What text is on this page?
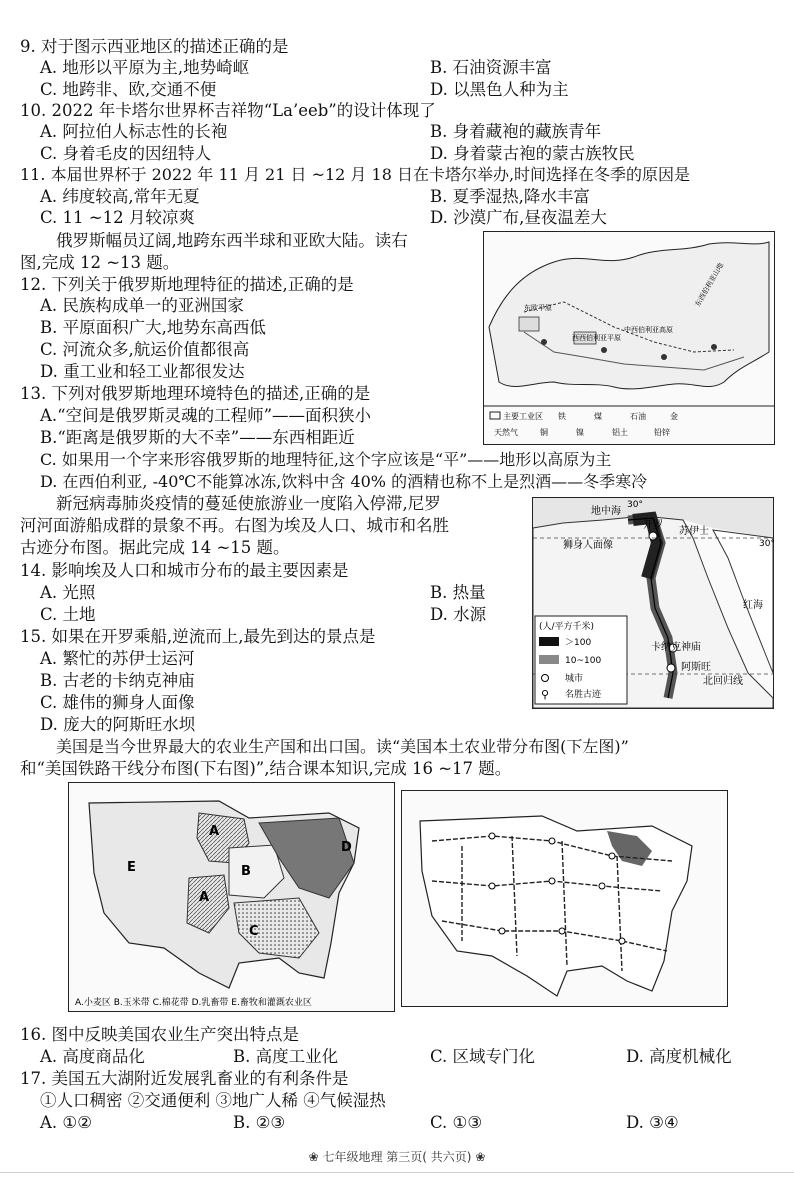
9. 对于图示西亚地区的描述正确的是
A. 地形以平原为主,地势崎岖	B. 石油资源丰富
C. 地跨非、欧,交通不便	D. 以黑色人种为主
10. 2022 年卡塔尔世界杯吉祥物“La’eeb”的设计体现了
A. 阿拉伯人标志性的长袍	B. 身着藏袍的藏族青年
C. 身着毛皮的因纽特人	D. 身着蒙古袍的蒙古族牧民
11. 本届世界杯于 2022 年 11 月 21 日 ~12 月 18 日在卡塔尔举办,时间选择在冬季的原因是
A. 纬度较高,常年无夏	B. 夏季湿热,降水丰富
C. 11 ~12 月较凉爽	D. 沙漠广布,昼夜温差大
俄罗斯幅员辽阔,地跨东西半球和亚欧大陆。读右
图,完成 12 ~13 题。
12. 下列关于俄罗斯地理特征的描述,正确的是
A. 民族构成单一的亚洲国家
B. 平原面积广大,地势东高西低
C. 河流众多,航运价值都很高
D. 重工业和轻工业都很发达
13. 下列对俄罗斯地理环境特色的描述,正确的是
A.“空间是俄罗斯灵魂的工程师”——面积狭小
B.“距离是俄罗斯的大不幸”——东西相距近
C. 如果用一个字来形容俄罗斯的地理特征,这个字应该是“平”——地形以高原为主
D. 在西伯利亚, -40℃不能算冰冻,饮料中含 40% 的酒精也称不上是烈酒——冬季寒冷
东欧平原
中西伯利亚高原
西西伯利亚平原
东西伯利亚山地
主要工业区 铁	煤	石油	金
天然气	铜	镍	铝土	铅锌
新冠病毒肺炎疫情的蔓延使旅游业一度陷入停滞,尼罗
河河面游船成群的景象不再。右图为埃及人口、城市和名胜
古迹分布图。据此完成 14 ~15 题。
14. 影响埃及人口和城市分布的最主要因素是
A. 光照	B. 热量
C. 土地	D. 水源
15. 如果在开罗乘船,逆流而上,最先到达的景点是
A. 繁忙的苏伊士运河
B. 古老的卡纳克神庙
C. 雄伟的狮身人面像
D. 庞大的阿斯旺水坝
30°
30°
地中海
开罗
苏伊士
狮身人面像
红海
卡纳克神庙
阿斯旺
北回归线
(人/平方千米)
＞100
10~100
城市
⚲ 名胜古迹
美国是当今世界最大的农业生产国和出口国。读“美国本土农业带分布图(下左图)”
和“美国铁路干线分布图(下右图)”,结合课本知识,完成 16 ~17 题。
A
B
C
D
E
A
A.小麦区 B.玉米带 C.棉花带 D.乳畜带 E.畜牧和灌溉农业区
16. 图中反映美国农业生产突出特点是
A. 高度商品化	B. 高度工业化	C. 区域专门化	D. 高度机械化
17. 美国五大湖附近发展乳畜业的有利条件是
①人口稠密 ②交通便利 ③地广人稀 ④气候湿热
A. ①②	B. ②③	C. ①③	D. ③④
❀ 七年级地理 第三页( 共六页) ❀
